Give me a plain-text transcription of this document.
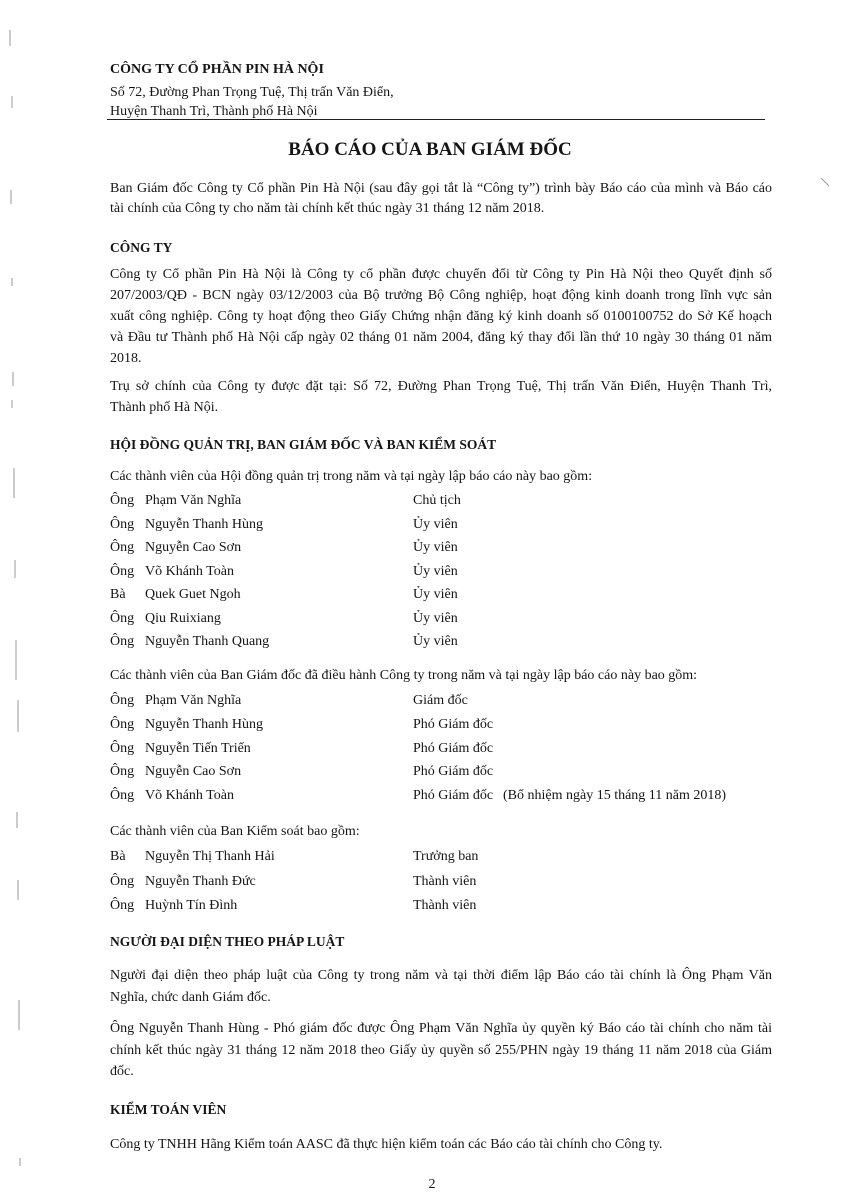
CÔNG TY CỔ PHẦN PIN HÀ NỘI
Số 72, Đường Phan Trọng Tuệ, Thị trấn Văn Điển,
Huyện Thanh Trì, Thành phố Hà Nội
BÁO CÁO CỦA BAN GIÁM ĐỐC
Ban Giám đốc Công ty Cổ phần Pin Hà Nội (sau đây gọi tắt là “Công ty”) trình bày Báo cáo của mình và Báo cáo
tài chính của Công ty cho năm tài chính kết thúc ngày 31 tháng 12 năm 2018.
CÔNG TY
Công ty Cổ phần Pin Hà Nội là Công ty cổ phần được chuyển đổi từ Công ty Pin Hà Nội theo Quyết định số
207/2003/QĐ - BCN ngày 03/12/2003 của Bộ trưởng Bộ Công nghiệp, hoạt động kinh doanh trong lĩnh vực sản
xuất công nghiệp. Công ty hoạt động theo Giấy Chứng nhận đăng ký kinh doanh số 0100100752 do Sở Kế hoạch
và Đầu tư Thành phố Hà Nội cấp ngày 02 tháng 01 năm 2004, đăng ký thay đổi lần thứ 10 ngày 30 tháng 01 năm
2018.
Trụ sở chính của Công ty được đặt tại: Số 72, Đường Phan Trọng Tuệ, Thị trấn Văn Điển, Huyện Thanh Trì,
Thành phố Hà Nội.
HỘI ĐỒNG QUẢN TRỊ, BAN GIÁM ĐỐC VÀ BAN KIỂM SOÁT
Các thành viên của Hội đồng quản trị trong năm và tại ngày lập báo cáo này bao gồm:
Ông Phạm Văn Nghĩa	Chủ tịch
Ông Nguyễn Thanh Hùng	Ủy viên
Ông Nguyễn Cao Sơn	Ủy viên
Ông Võ Khánh Toàn	Ủy viên
Bà Quek Guet Ngoh	Ủy viên
Ông Qiu Ruixiang	Ủy viên
Ông Nguyễn Thanh Quang	Ủy viên
Các thành viên của Ban Giám đốc đã điều hành Công ty trong năm và tại ngày lập báo cáo này bao gồm:
Ông Phạm Văn Nghĩa	Giám đốc
Ông Nguyễn Thanh Hùng	Phó Giám đốc
Ông Nguyễn Tiến Triển	Phó Giám đốc
Ông Nguyễn Cao Sơn	Phó Giám đốc
Ông Võ Khánh Toàn	Phó Giám đốc (Bổ nhiệm ngày 15 tháng 11 năm 2018)
Các thành viên của Ban Kiểm soát bao gồm:
Bà Nguyễn Thị Thanh Hải	Trưởng ban
Ông Nguyễn Thanh Đức	Thành viên
Ông Huỳnh Tín Đình	Thành viên
NGƯỜI ĐẠI DIỆN THEO PHÁP LUẬT
Người đại diện theo pháp luật của Công ty trong năm và tại thời điểm lập Báo cáo tài chính là Ông Phạm Văn
Nghĩa, chức danh Giám đốc.
Ông Nguyễn Thanh Hùng - Phó giám đốc được Ông Phạm Văn Nghĩa ủy quyền ký Báo cáo tài chính cho năm tài
chính kết thúc ngày 31 tháng 12 năm 2018 theo Giấy ủy quyền số 255/PHN ngày 19 tháng 11 năm 2018 của Giám
đốc.
KIỂM TOÁN VIÊN
Công ty TNHH Hãng Kiểm toán AASC đã thực hiện kiểm toán các Báo cáo tài chính cho Công ty.
2
